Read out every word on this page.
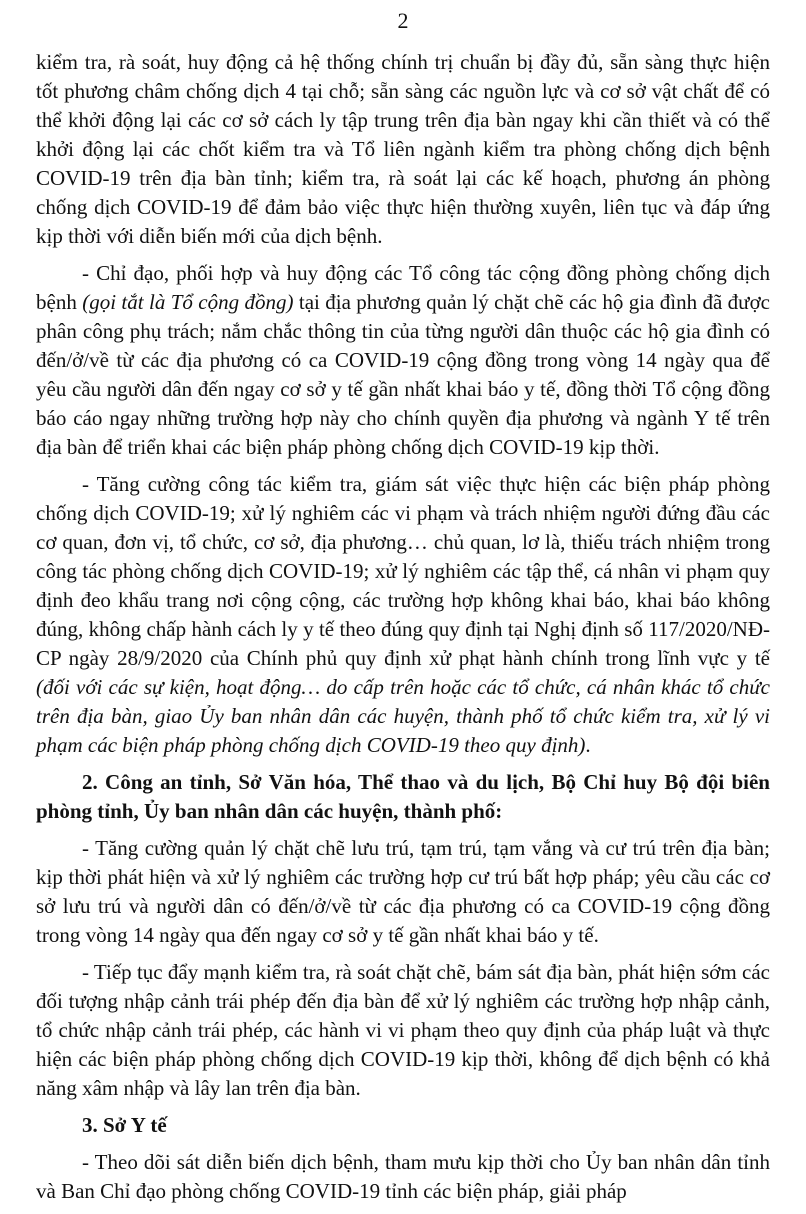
2

kiểm tra, rà soát, huy động cả hệ thống chính trị chuẩn bị đầy đủ, sẵn sàng thực hiện tốt phương châm chống dịch 4 tại chỗ; sẵn sàng các nguồn lực và cơ sở vật chất để có thể khởi động lại các cơ sở cách ly tập trung trên địa bàn ngay khi cần thiết và có thể khởi động lại các chốt kiểm tra và Tổ liên ngành kiểm tra phòng chống dịch bệnh COVID-19 trên địa bàn tỉnh; kiểm tra, rà soát lại các kế hoạch, phương án phòng chống dịch COVID-19 để đảm bảo việc thực hiện thường xuyên, liên tục và đáp ứng kịp thời với diễn biến mới của dịch bệnh.

- Chỉ đạo, phối hợp và huy động các Tổ công tác cộng đồng phòng chống dịch bệnh (gọi tắt là Tổ cộng đồng) tại địa phương quản lý chặt chẽ các hộ gia đình đã được phân công phụ trách; nắm chắc thông tin của từng người dân thuộc các hộ gia đình có đến/ở/về từ các địa phương có ca COVID-19 cộng đồng trong vòng 14 ngày qua để yêu cầu người dân đến ngay cơ sở y tế gần nhất khai báo y tế, đồng thời Tổ cộng đồng báo cáo ngay những trường hợp này cho chính quyền địa phương và ngành Y tế trên địa bàn để triển khai các biện pháp phòng chống dịch COVID-19 kịp thời.

- Tăng cường công tác kiểm tra, giám sát việc thực hiện các biện pháp phòng chống dịch COVID-19; xử lý nghiêm các vi phạm và trách nhiệm người đứng đầu các cơ quan, đơn vị, tổ chức, cơ sở, địa phương… chủ quan, lơ là, thiếu trách nhiệm trong công tác phòng chống dịch COVID-19; xử lý nghiêm các tập thể, cá nhân vi phạm quy định đeo khẩu trang nơi cộng cộng, các trường hợp không khai báo, khai báo không đúng, không chấp hành cách ly y tế theo đúng quy định tại Nghị định số 117/2020/NĐ-CP ngày 28/9/2020 của Chính phủ quy định xử phạt hành chính trong lĩnh vực y tế (đối với các sự kiện, hoạt động… do cấp trên hoặc các tổ chức, cá nhân khác tổ chức trên địa bàn, giao Ủy ban nhân dân các huyện, thành phố tổ chức kiểm tra, xử lý vi phạm các biện pháp phòng chống dịch COVID-19 theo quy định).

2. Công an tỉnh, Sở Văn hóa, Thể thao và du lịch, Bộ Chỉ huy Bộ đội biên phòng tỉnh, Ủy ban nhân dân các huyện, thành phố:

- Tăng cường quản lý chặt chẽ lưu trú, tạm trú, tạm vắng và cư trú trên địa bàn; kịp thời phát hiện và xử lý nghiêm các trường hợp cư trú bất hợp pháp; yêu cầu các cơ sở lưu trú và người dân có đến/ở/về từ các địa phương có ca COVID-19 cộng đồng trong vòng 14 ngày qua đến ngay cơ sở y tế gần nhất khai báo y tế.

- Tiếp tục đẩy mạnh kiểm tra, rà soát chặt chẽ, bám sát địa bàn, phát hiện sớm các đối tượng nhập cảnh trái phép đến địa bàn để xử lý nghiêm các trường hợp nhập cảnh, tổ chức nhập cảnh trái phép, các hành vi vi phạm theo quy định của pháp luật và thực hiện các biện pháp phòng chống dịch COVID-19 kịp thời, không để dịch bệnh có khả năng xâm nhập và lây lan trên địa bàn.

3. Sở Y tế

- Theo dõi sát diễn biến dịch bệnh, tham mưu kịp thời cho Ủy ban nhân dân tỉnh và Ban Chỉ đạo phòng chống COVID-19 tỉnh các biện pháp, giải pháp
